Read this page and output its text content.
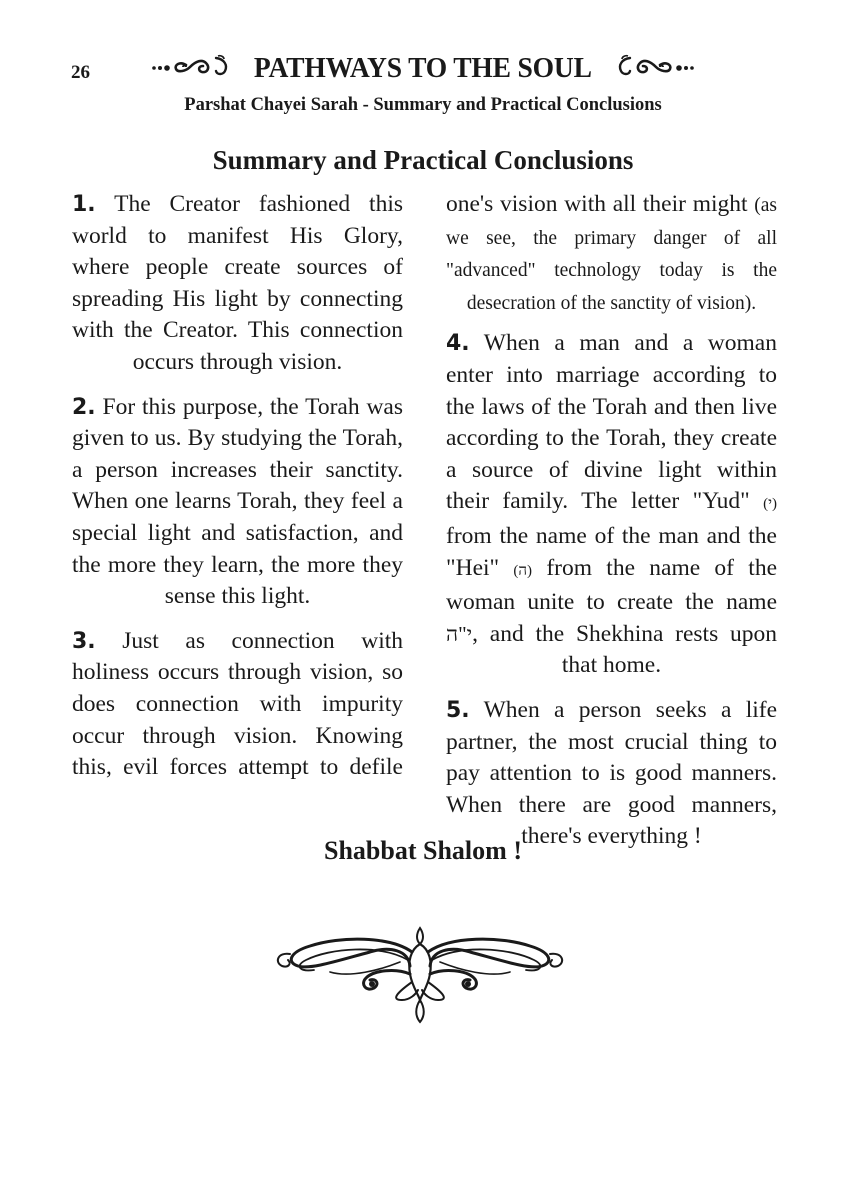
26	PATHWAYS TO THE SOUL
Parshat Chayei Sarah - Summary and Practical Conclusions
Summary and Practical Conclusions

1. The Creator fashioned this world to manifest His Glory, where people create sources of spreading His light by connecting with the Creator. This connection occurs through vision.

2. For this purpose, the Torah was given to us. By studying the Torah, a person increases their sanctity. When one learns Torah, they feel a special light and satisfaction, and the more they learn, the more they sense this light.

3. Just as connection with holiness occurs through vision, so does connection with impurity occur through vision. Knowing this, evil forces attempt to defile

one's vision with all their might (as we see, the primary danger of all "advanced" technology today is the desecration of the sanctity of vision).

4. When a man and a woman enter into marriage according to the laws of the Torah and then live according to the Torah, they create a source of divine light within their family. The letter "Yud" (י) from the name of the man and the "Hei" (ה) from the name of the woman unite to create the name י"ה, and the Shekhina rests upon that home.

5. When a person seeks a life partner, the most crucial thing to pay attention to is good manners. When there are good manners, there's everything !

Shabbat Shalom !
